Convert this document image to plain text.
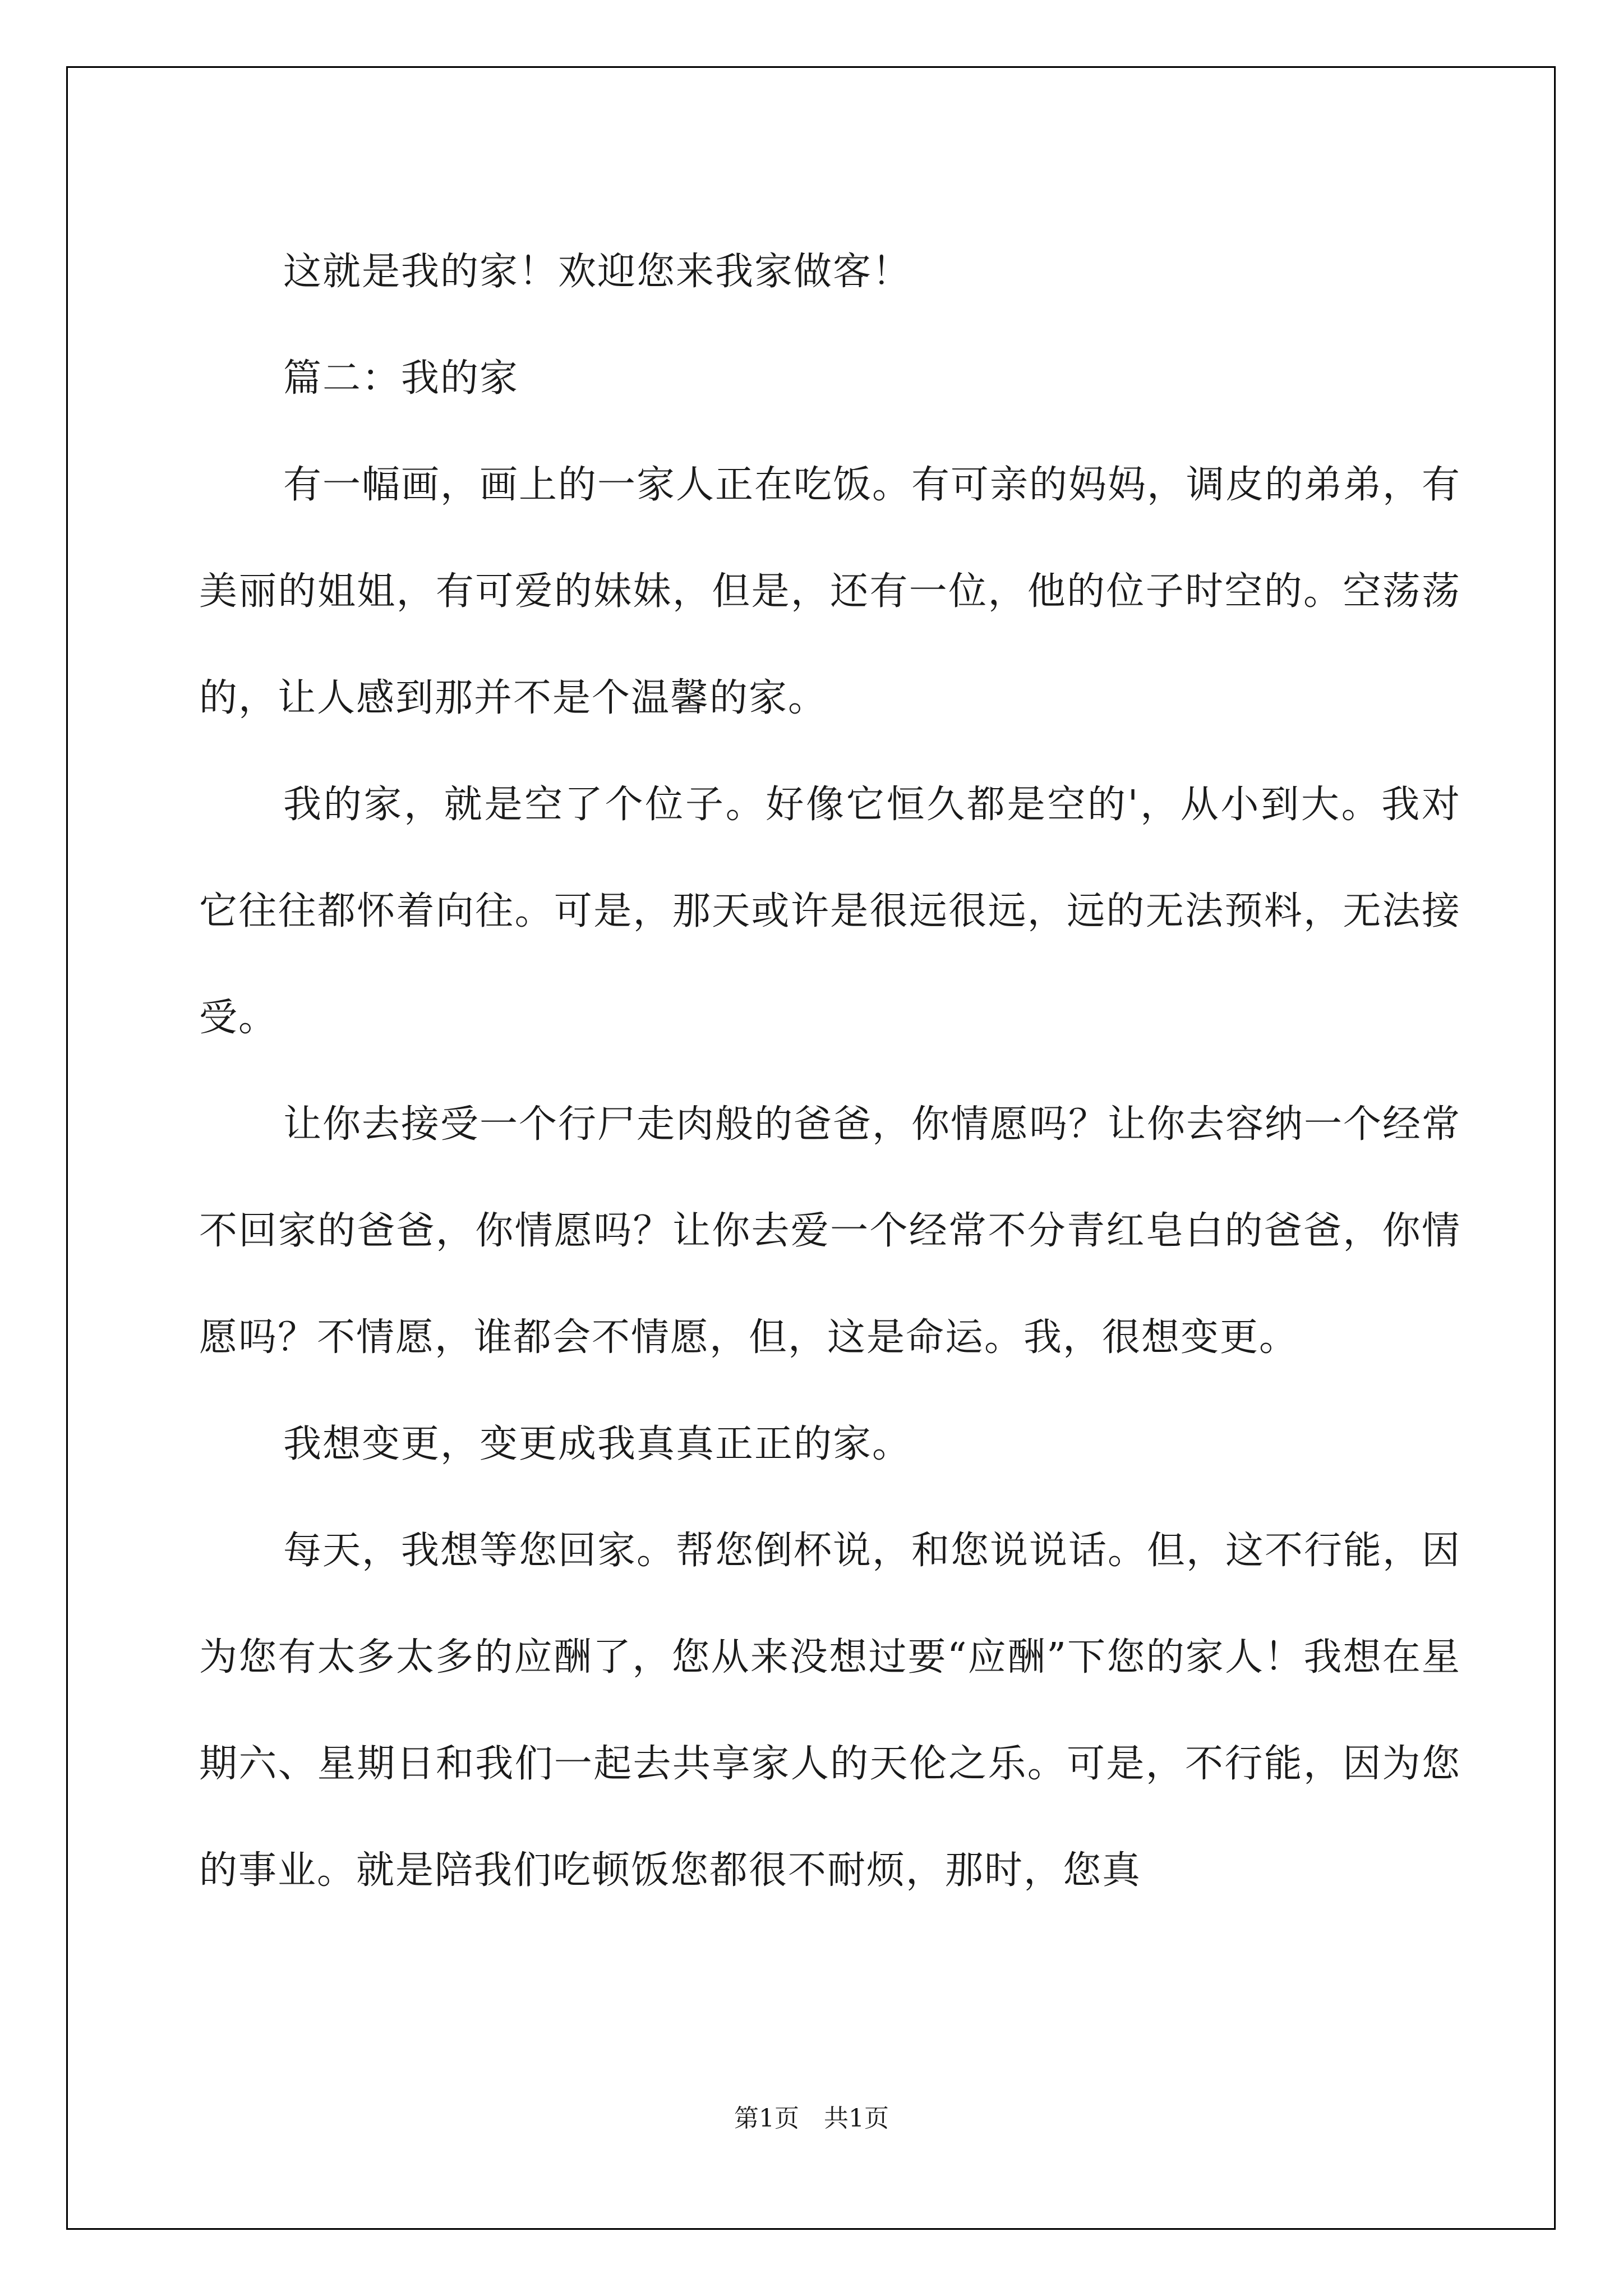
这就是我的家！欢迎您来我家做客！

篇二：我的家

有一幅画，画上的一家人正在吃饭。有可亲的妈妈，调皮的弟弟，有美丽的姐姐，有可爱的妹妹，但是，还有一位，他的位子时空的。空荡荡的，让人感到那并不是个温馨的家。

我的家，就是空了个位子。好像它恒久都是空的'，从小到大。我对它往往都怀着向往。可是，那天或许是很远很远，远的无法预料，无法接受。

让你去接受一个行尸走肉般的爸爸，你情愿吗？让你去容纳一个经常不回家的爸爸，你情愿吗？让你去爱一个经常不分青红皂白的爸爸，你情愿吗？不情愿，谁都会不情愿，但，这是命运。我，很想变更。

我想变更，变更成我真真正正的家。

每天，我想等您回家。帮您倒杯说，和您说说话。但，这不行能，因为您有太多太多的应酬了，您从来没想过要“应酬”下您的家人！我想在星期六、星期日和我们一起去共享家人的天伦之乐。可是，不行能，因为您的事业。就是陪我们吃顿饭您都很不耐烦，那时，您真

第1页　共1页
